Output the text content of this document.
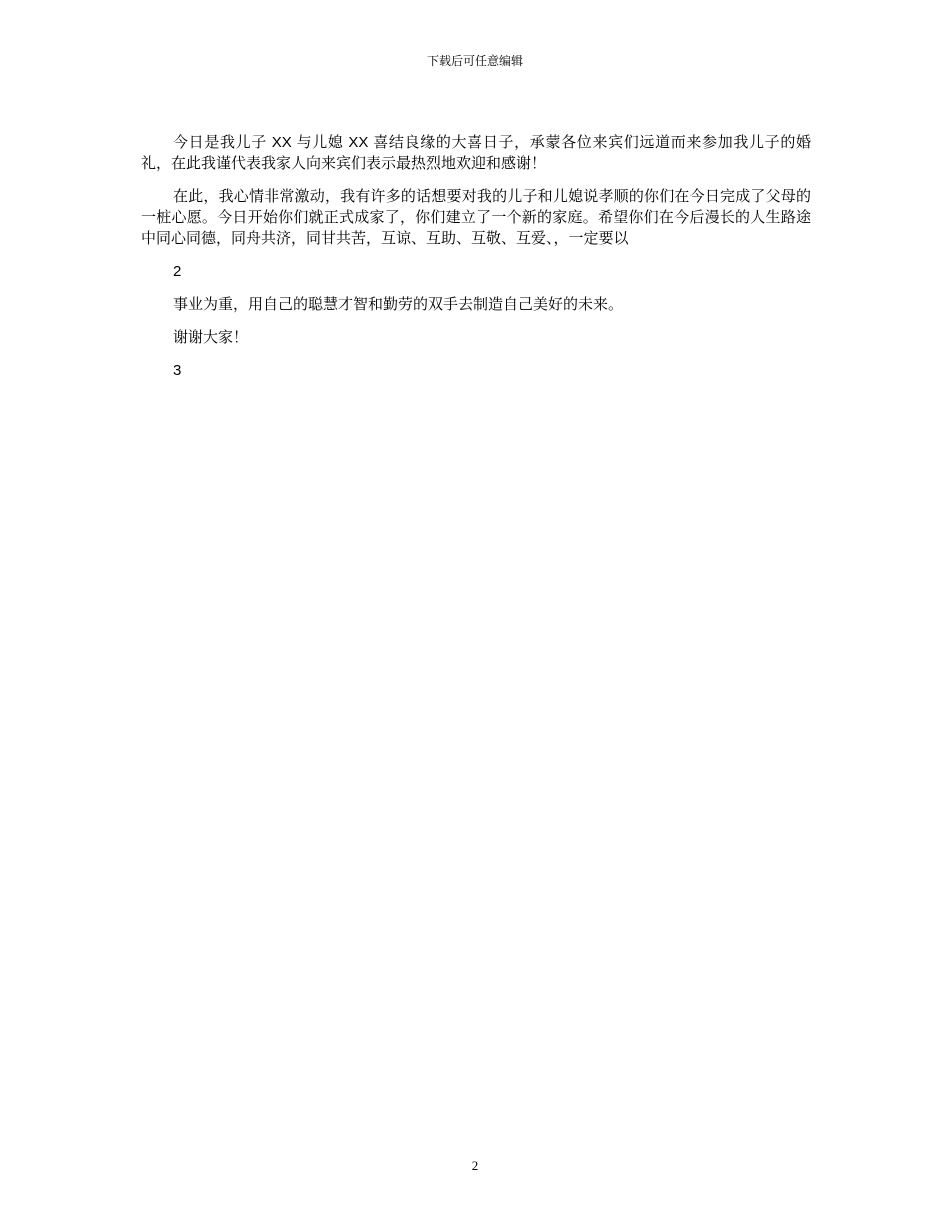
下载后可任意编辑

今日是我儿子 XX 与儿媳 XX 喜结良缘的大喜日子，承蒙各位来宾们远道而来参加我儿子的婚礼，在此我谨代表我家人向来宾们表示最热烈地欢迎和感谢！

在此，我心情非常激动，我有许多的话想要对我的儿子和儿媳说孝顺的你们在今日完成了父母的一桩心愿。今日开始你们就正式成家了，你们建立了一个新的家庭。希望你们在今后漫长的人生路途中同心同德，同舟共济，同甘共苦，互谅、互助、互敬、互爱、，一定要以

2

事业为重，用自己的聪慧才智和勤劳的双手去制造自己美好的未来。

谢谢大家！

3

2
